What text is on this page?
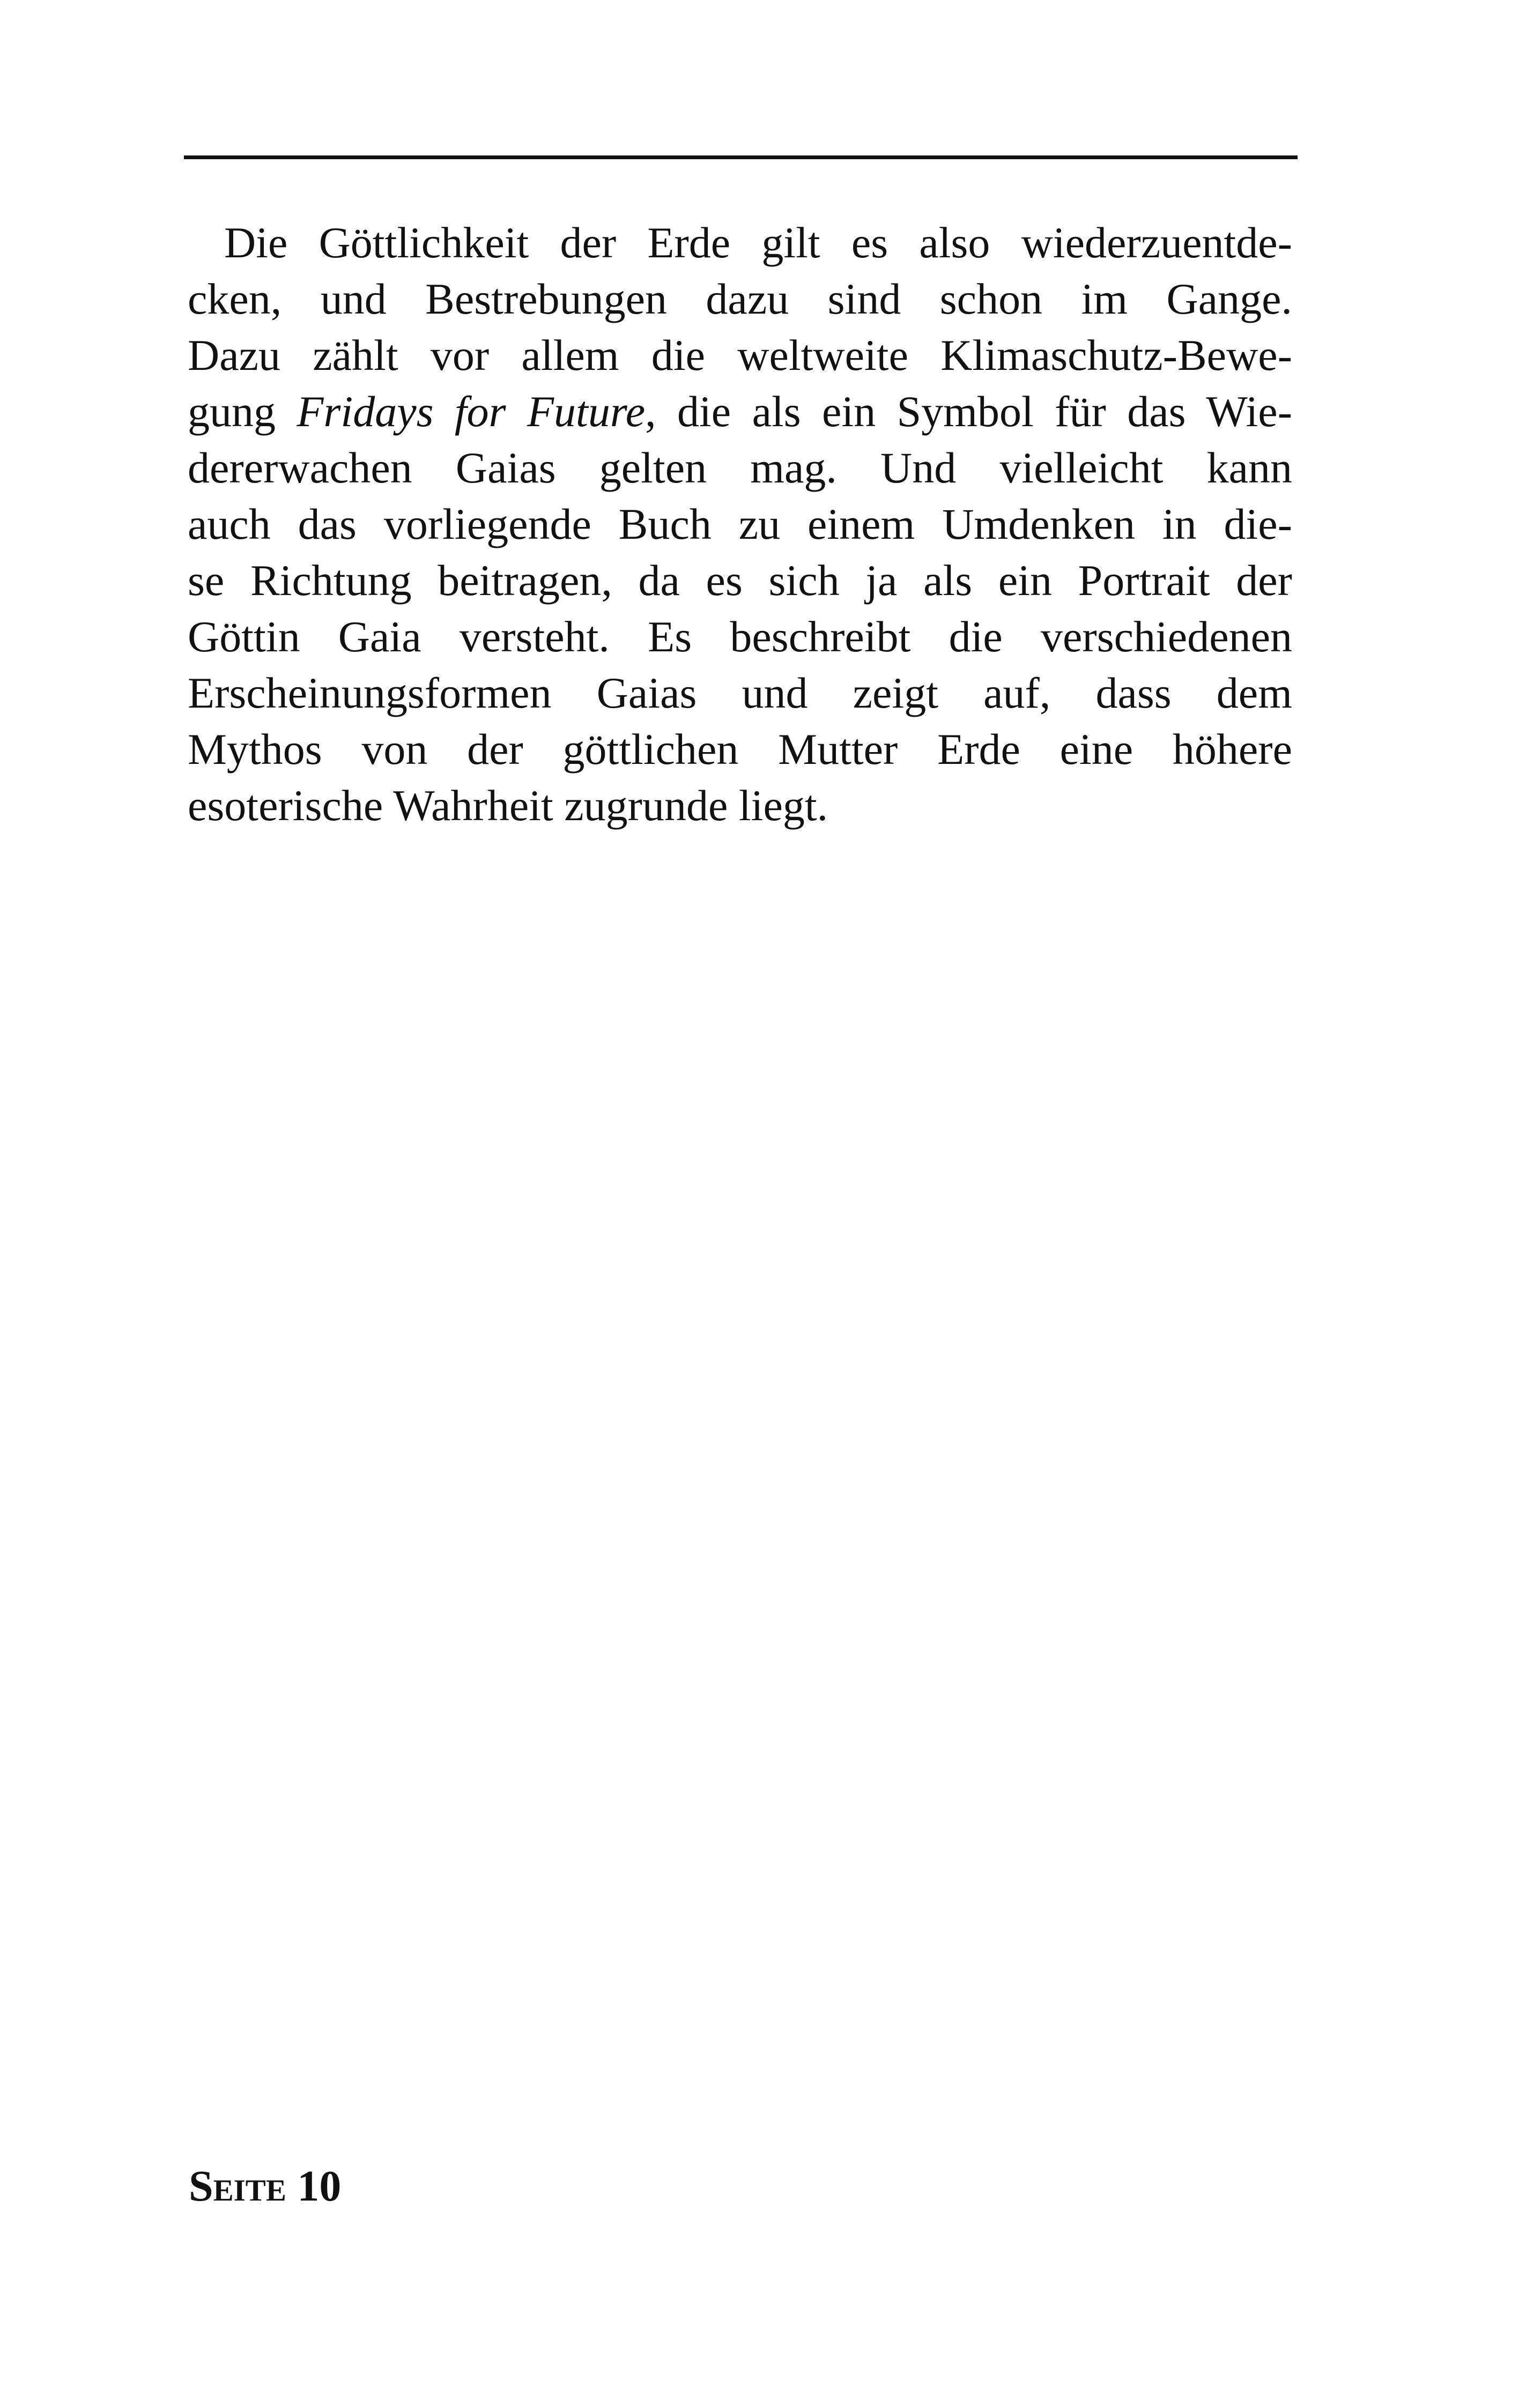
Die Göttlichkeit der Erde gilt es also wiederzuentde-
cken, und Bestrebungen dazu sind schon im Gange.
Dazu zählt vor allem die weltweite Klimaschutz-Bewe-
gung Fridays for Future, die als ein Symbol für das Wie-
dererwachen Gaias gelten mag. Und vielleicht kann
auch das vorliegende Buch zu einem Umdenken in die-
se Richtung beitragen, da es sich ja als ein Portrait der
Göttin Gaia versteht. Es beschreibt die verschiedenen
Erscheinungsformen Gaias und zeigt auf, dass dem
Mythos von der göttlichen Mutter Erde eine höhere
esoterische Wahrheit zugrunde liegt.
Seite 10
